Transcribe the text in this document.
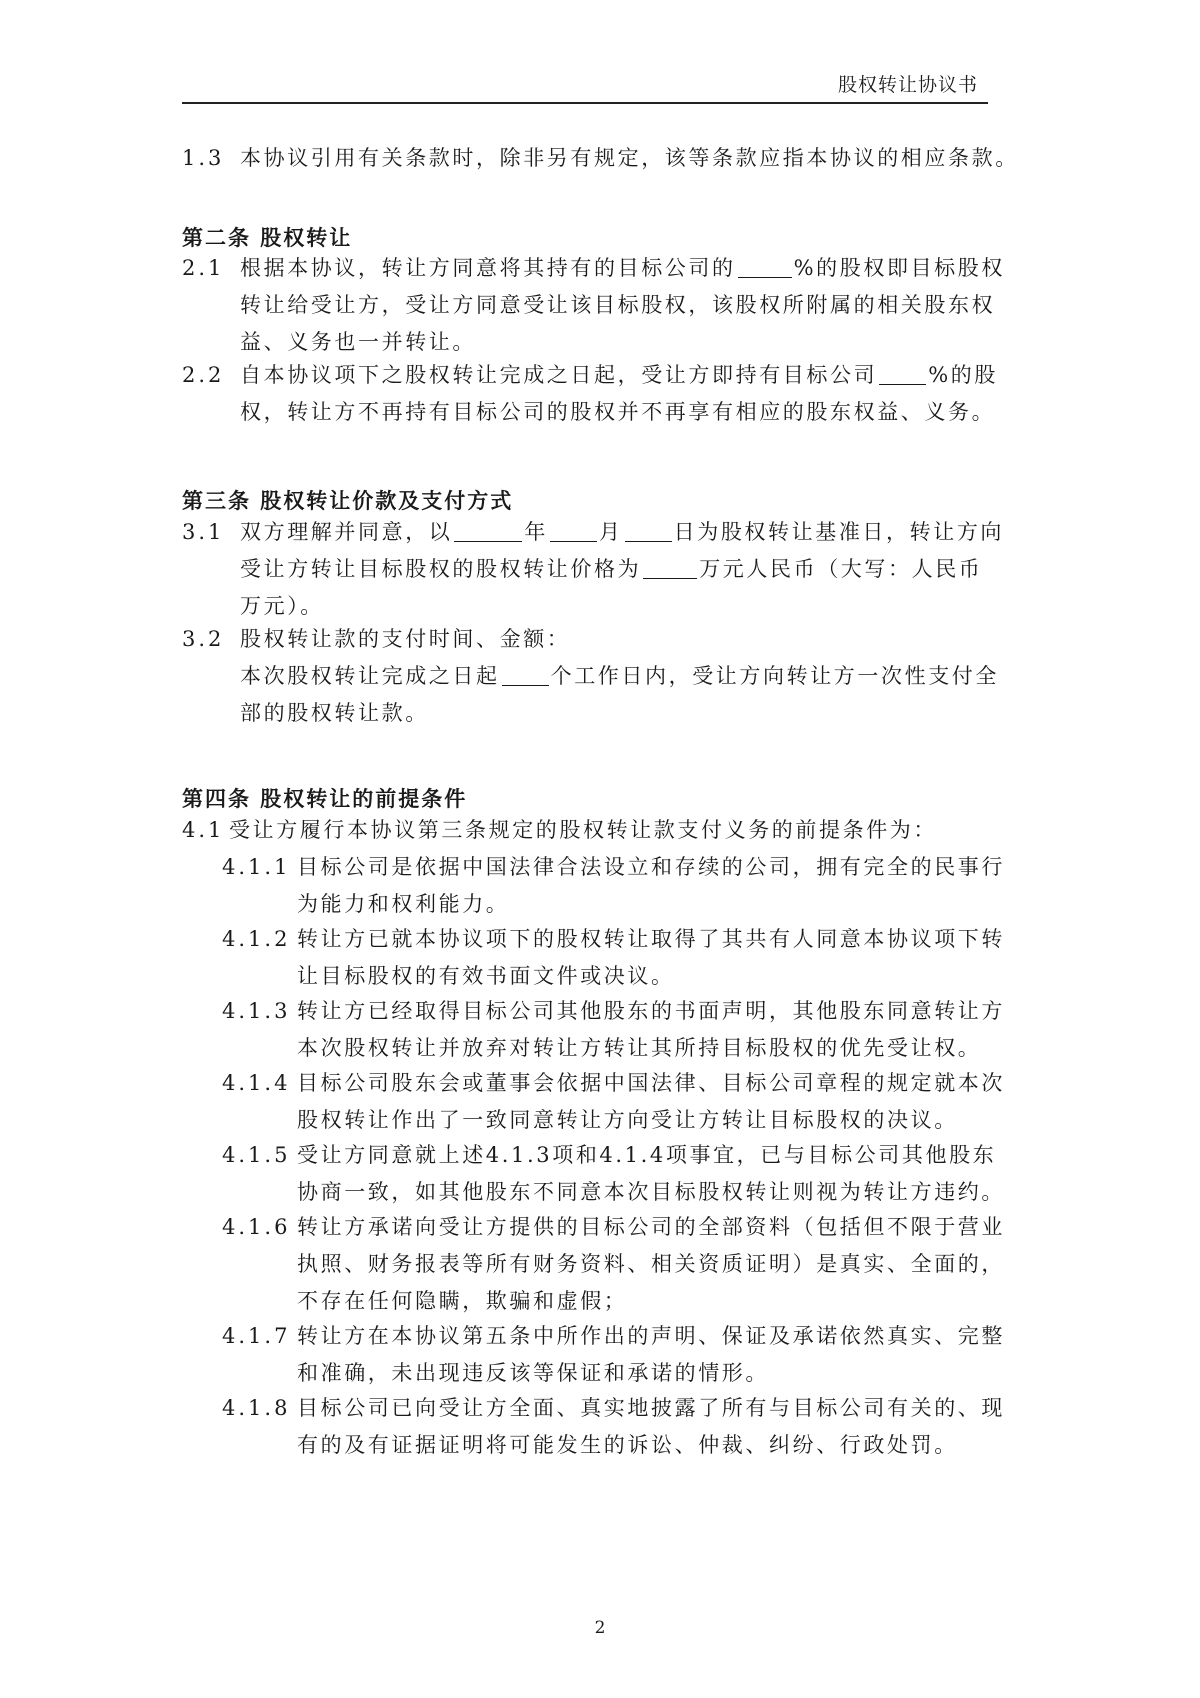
股权转让协议书
1.3 本协议引用有关条款时，除非另有规定，该等条款应指本协议的相应条款。
第二条 股权转让
2.1 根据本协议，转让方同意将其持有的目标公司的	%的股权即目标股权
转让给受让方，受让方同意受让该目标股权，该股权所附属的相关股东权
益、义务也一并转让。
2.2 自本协议项下之股权转让完成之日起，受让方即持有目标公司 %的股
权，转让方不再持有目标公司的股权并不再享有相应的股东权益、义务。
第三条 股权转让价款及支付方式
3.1 双方理解并同意，以	年 月 日为股权转让基准日，转让方向
受让方转让目标股权的股权转让价格为	万元人民币（大写：人民币
万元）。
3.2 股权转让款的支付时间、金额：
本次股权转让完成之日起 个工作日内，受让方向转让方一次性支付全
部的股权转让款。
第四条 股权转让的前提条件
4.1 受让方履行本协议第三条规定的股权转让款支付义务的前提条件为：
4.1.1 目标公司是依据中国法律合法设立和存续的公司，拥有完全的民事行
为能力和权利能力。
4.1.2 转让方已就本协议项下的股权转让取得了其共有人同意本协议项下转
让目标股权的有效书面文件或决议。
4.1.3 转让方已经取得目标公司其他股东的书面声明，其他股东同意转让方
本次股权转让并放弃对转让方转让其所持目标股权的优先受让权。
4.1.4 目标公司股东会或董事会依据中国法律、目标公司章程的规定就本次
股权转让作出了一致同意转让方向受让方转让目标股权的决议。
4.1.5 受让方同意就上述4.1.3项和4.1.4项事宜，已与目标公司其他股东
协商一致，如其他股东不同意本次目标股权转让则视为转让方违约。
4.1.6 转让方承诺向受让方提供的目标公司的全部资料（包括但不限于营业
执照、财务报表等所有财务资料、相关资质证明）是真实、全面的，
不存在任何隐瞒，欺骗和虚假；
4.1.7 转让方在本协议第五条中所作出的声明、保证及承诺依然真实、完整
和准确，未出现违反该等保证和承诺的情形。
4.1.8 目标公司已向受让方全面、真实地披露了所有与目标公司有关的、现
有的及有证据证明将可能发生的诉讼、仲裁、纠纷、行政处罚。
2
